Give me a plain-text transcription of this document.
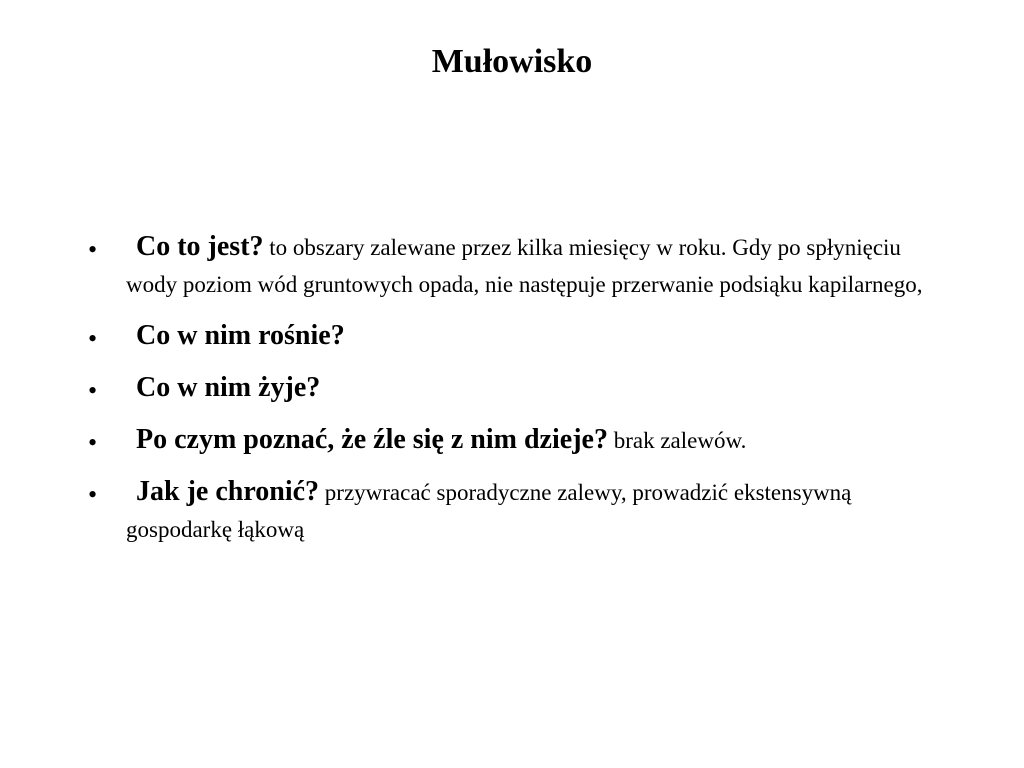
Mułowisko
•	Co to jest? to obszary zalewane przez kilka miesięcy w roku. Gdy po spłynięciu wody poziom wód gruntowych opada, nie następuje przerwanie podsiąku kapilarnego,
•	Co w nim rośnie?
•	Co w nim żyje?
•	Po czym poznać, że źle się z nim dzieje? brak zalewów.
•	Jak je chronić? przywracać sporadyczne zalewy, prowadzić ekstensywną gospodarkę łąkową
